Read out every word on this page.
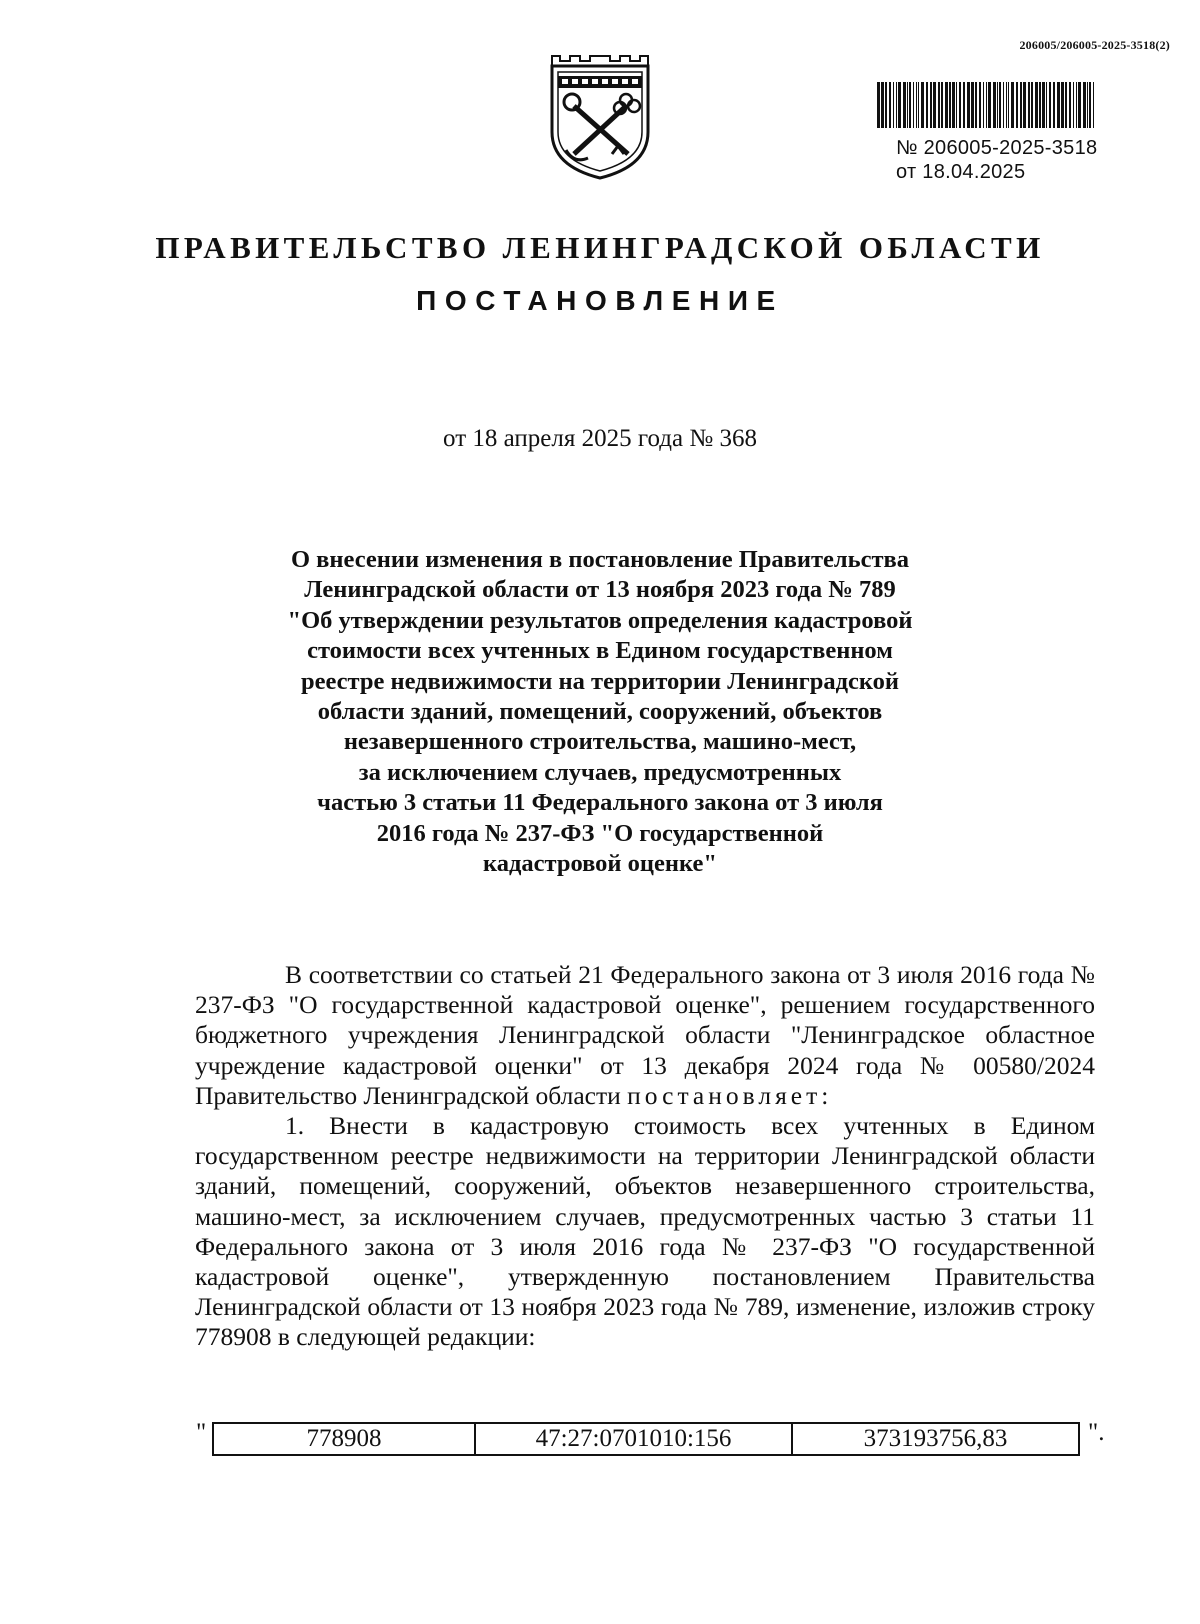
206005/206005-2025-3518(2)
№ 206005-2025-3518
от 18.04.2025
ПРАВИТЕЛЬСТВО ЛЕНИНГРАДСКОЙ ОБЛАСТИ
ПОСТАНОВЛЕНИЕ
от 18 апреля 2025 года № 368
О внесении изменения в постановление Правительства
Ленинградской области от 13 ноября 2023 года № 789
"Об утверждении результатов определения кадастровой
стоимости всех учтенных в Едином государственном
реестре недвижимости на территории Ленинградской
области зданий, помещений, сооружений, объектов
незавершенного строительства, машино-мест,
за исключением случаев, предусмотренных
частью 3 статьи 11 Федерального закона от 3 июля
2016 года № 237-ФЗ "О государственной
кадастровой оценке"

В соответствии со статьей 21 Федерального закона от 3 июля 2016 года № 237-ФЗ "О государственной кадастровой оценке", решением государственного бюджетного учреждения Ленинградской области "Ленинградское областное учреждение кадастровой оценки" от 13 декабря 2024 года № 00580/2024 Правительство Ленинградской области постановляет:

1. Внести в кадастровую стоимость всех учтенных в Едином государственном реестре недвижимости на территории Ленинградской области зданий, помещений, сооружений, объектов незавершенного строительства, машино-мест, за исключением случаев, предусмотренных частью 3 статьи 11 Федерального закона от 3 июля 2016 года № 237-ФЗ "О государственной кадастровой оценке", утвержденную постановлением Правительства Ленинградской области от 13 ноября 2023 года № 789, изменение, изложив строку 778908 в следующей редакции:

"	778908	47:27:0701010:156	373193756,83	".
